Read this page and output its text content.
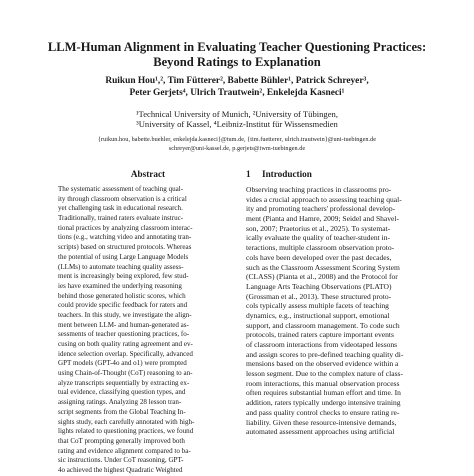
LLM-Human Alignment in Evaluating Teacher Questioning Practices: Beyond Ratings to Explanation
Ruikun Hou¹,², Tim Fütterer², Babette Bühler¹, Patrick Schreyer³,
Peter Gerjets⁴, Ulrich Trautwein², Enkelejda Kasneci¹
¹Technical University of Munich, ²University of Tübingen,
³University of Kassel, ⁴Leibniz-Institut für Wissensmedien
{ruikun.hou, babette.buehler, enkelejda.kasneci}@tum.de, {tim.fuetterer, ulrich.trautwein}@uni-tuebingen.de
schreyer@uni-kassel.de, p.gerjets@iwm-tuebingen.de
Abstract
The systematic assessment of teaching qual-
ity through classroom observation is a critical
yet challenging task in educational research.
Traditionally, trained raters evaluate instruc-
tional practices by analyzing classroom interac-
tions (e.g., watching video and annotating tran-
scripts) based on structured protocols. Whereas
the potential of using Large Language Models
(LLMs) to automate teaching quality assess-
ment is increasingly being explored, few stud-
ies have examined the underlying reasoning
behind those generated holistic scores, which
could provide specific feedback for raters and
teachers. In this study, we investigate the align-
ment between LLM- and human-generated as-
sessments of teacher questioning practices, fo-
cusing on both quality rating agreement and ev-
idence selection overlap. Specifically, advanced
GPT models (GPT-4o and o1) were prompted
using Chain-of-Thought (CoT) reasoning to an-
alyze transcripts sequentially by extracting ex-
tual evidence, classifying question types, and
assigning ratings. Analyzing 28 lesson tran-
script segments from the Global Teaching In-
sights study, each carefully annotated with high-
lights related to questioning practices, we found
that CoT prompting generally improved both
rating and evidence alignment compared to ba-
sic instructions. Under CoT reasoning, GPT-
4o achieved the highest Quadratic Weighted
1 Introduction
Observing teaching practices in classrooms pro-
vides a crucial approach to assessing teaching qual-
ity and promoting teachers' professional develop-
ment (Pianta and Hamre, 2009; Seidel and Shavel-
son, 2007; Praetorius et al., 2025). To systemat-
ically evaluate the quality of teacher-student in-
teractions, multiple classroom observation proto-
cols have been developed over the past decades,
such as the Classroom Assessment Scoring System
(CLASS) (Pianta et al., 2008) and the Protocol for
Language Arts Teaching Observations (PLATO)
(Grossman et al., 2013). These structured proto-
cols typically assess multiple facets of teaching
dynamics, e.g., instructional support, emotional
support, and classroom management. To code such
protocols, trained raters capture important events
of classroom interactions from videotaped lessons
and assign scores to pre-defined teaching quality di-
mensions based on the observed evidence within a
lesson segment. Due to the complex nature of class-
room interactions, this manual observation process
often requires substantial human effort and time. In
addition, raters typically undergo intensive training
and pass quality control checks to ensure rating re-
liability. Given these resource-intensive demands,
automated assessment approaches using artificial
